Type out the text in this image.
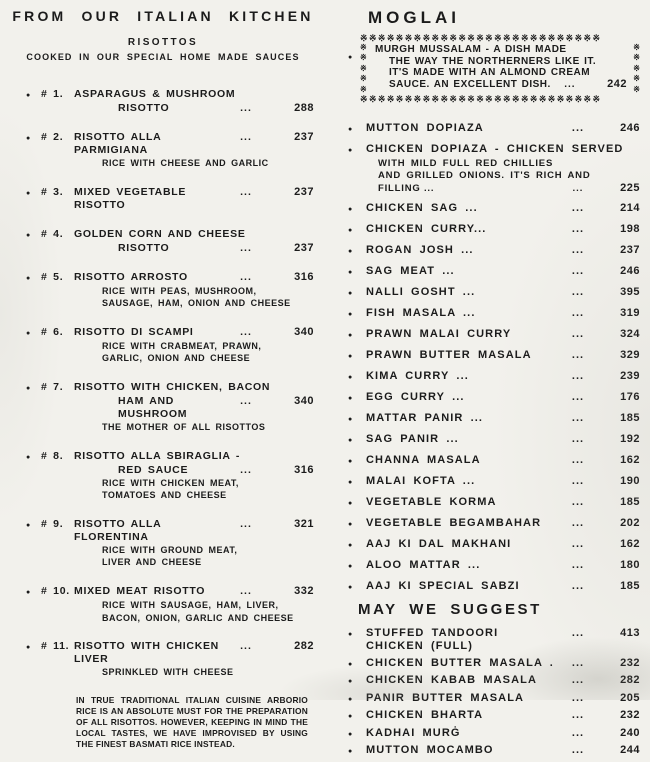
FROM OUR ITALIAN KITCHEN
RISOTTOS
COOKED IN OUR SPECIAL HOME MADE SAUCES
● # 1.	ASPARAGUS & MUSHROOM
RISOTTO	...	288
● # 2.	RISOTTO ALLA PARMIGIANA
...	237
RICE WITH CHEESE AND GARLIC
● # 3.	MIXED VEGETABLE RISOTTO
...	237
● # 4.	GOLDEN CORN AND CHEESE
RISOTTO	...	237
● # 5.	RISOTTO ARROSTO	...	316
RICE WITH PEAS, MUSHROOM,
SAUSAGE, HAM, ONION AND CHEESE
● # 6.	RISOTTO DI SCAMPI	...	340
RICE WITH CRABMEAT, PRAWN,
GARLIC, ONION AND CHEESE
● # 7.	RISOTTO WITH CHICKEN, BACON
HAM AND MUSHROOM
...	340
THE MOTHER OF ALL RISOTTOS
● # 8.	RISOTTO ALLA SBIRAGLIA -
RED SAUCE	...	316
RICE WITH CHICKEN MEAT,
TOMATOES AND CHEESE
● # 9.	RISOTTO ALLA FLORENTINA
...	321
RICE WITH GROUND MEAT,
LIVER AND CHEESE
● # 10. MIXED MEAT RISOTTO	...	332
RICE WITH SAUSAGE, HAM, LIVER,
BACON, ONION, GARLIC AND CHEESE
● # 11. RISOTTO WITH CHICKEN LIVER
...	282
SPRINKLED WITH CHEESE
IN TRUE TRADITIONAL ITALIAN CUISINE ARBORIO RICE IS AN ABSOLUTE MUST FOR THE PREPARATION OF ALL RISOTTOS. HOWEVER, KEEPING IN MIND THE LOCAL TASTES, WE HAVE IMPROVISED BY USING THE FINEST BASMATI RICE INSTEAD.
MOGLAI
●
※※※※※※※※※※※※※※※※※※※※※※※※※※※
※
※
※
※
※
MURGH MUSSALAM - A DISH MADE
THE WAY THE NORTHERNERS LIKE IT.
IT'S MADE WITH AN ALMOND CREAM
SAUCE. AN EXCELLENT DISH.	...	242
※
※
※
※
※
※※※※※※※※※※※※※※※※※※※※※※※※※※※
●	MUTTON DOPIAZA	...	246
●	CHICKEN DOPIAZA - CHICKEN SERVED
WITH MILD FULL RED CHILLIES
AND GRILLED ONIONS. IT'S RICH AND
FILLING ...	...	225
●	CHICKEN SAG ...	...	214
●	CHICKEN CURRY...	...	198
●	ROGAN JOSH ...	...	237
●	SAG MEAT ...	...	246
●	NALLI GOSHT ...	...	395
●	FISH MASALA ...	...	319
●	PRAWN MALAI CURRY	...	324
●	PRAWN BUTTER MASALA	...	329
●	KIMA CURRY ...	...	239
●	EGG CURRY ...	...	176
●	MATTAR PANIR ...	...	185
●	SAG PANIR ...	...	192
●	CHANNA MASALA	...	162
●	MALAI KOFTA ...	...	190
●	VEGETABLE KORMA	...	185
●	VEGETABLE BEGAMBAHAR	...	202
●	AAJ KI DAL MAKHANI	...	162
●	ALOO MATTAR ...	...	180
●	AAJ KI SPECIAL SABZI	...	185
MAY WE SUGGEST
●	STUFFED TANDOORI CHICKEN (FULL)
...	413
●	CHICKEN BUTTER MASALA .	...	232
●	CHICKEN KABAB MASALA	...	282
●	PANIR BUTTER MASALA	...	205
●	CHICKEN BHARTA	...	232
●	KADHAI MURĠ	...	240
●	MUTTON MOCAMBO	...	244
